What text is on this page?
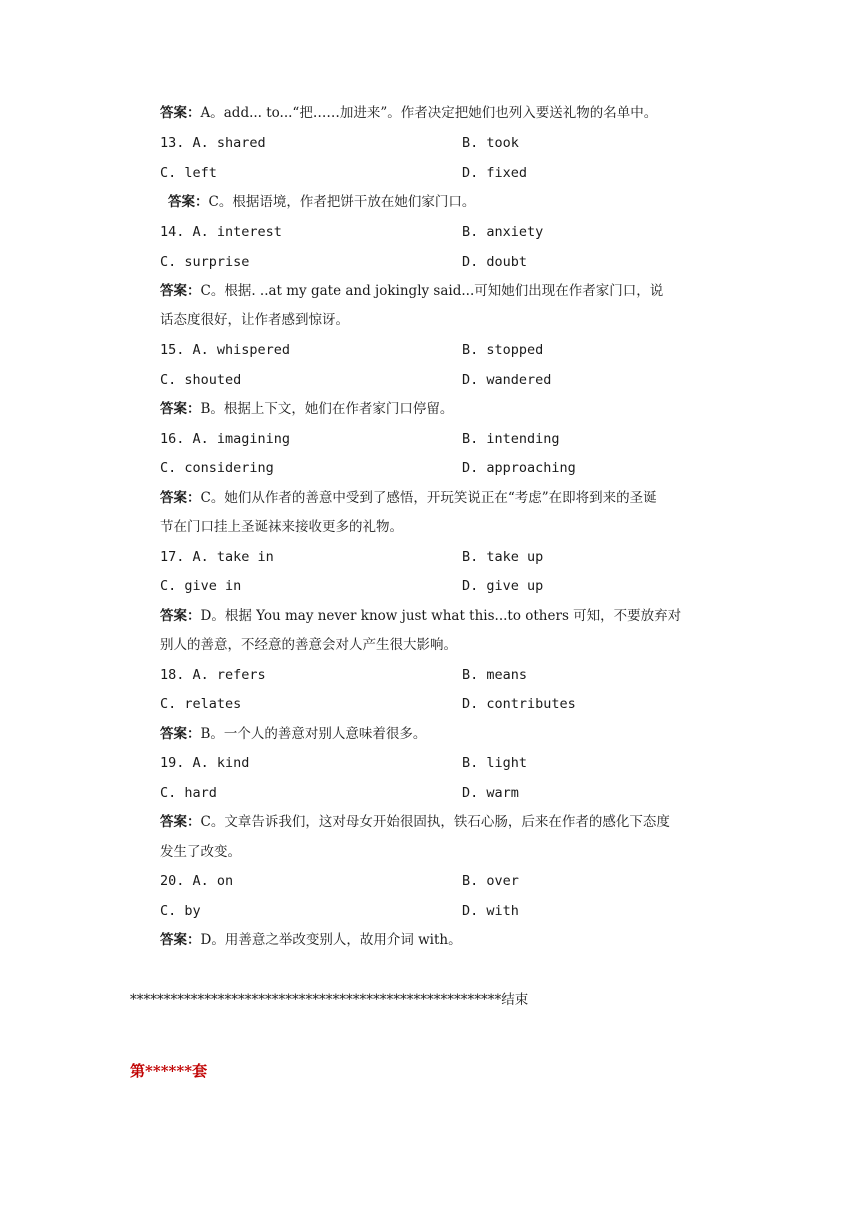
答案：A。add... to...“把……加进来”。作者决定把她们也列入要送礼物的名单中。
13. A. shared	B. took
C. left	D. fixed
答案：C。根据语境，作者把饼干放在她们家门口。
14. A. interest	B. anxiety
C. surprise	D. doubt
答案：C。根据. ..at my gate and jokingly said...可知她们出现在作者家门口，说
话态度很好，让作者感到惊讶。
15. A. whispered	B. stopped
C. shouted	D. wandered
答案：B。根据上下文，她们在作者家门口停留。
16. A. imagining	B. intending
C. considering	D. approaching
答案：C。她们从作者的善意中受到了感悟，开玩笑说正在“考虑”在即将到来的圣诞
节在门口挂上圣诞袜来接收更多的礼物。
17. A. take in	B. take up
C. give in	D. give up
答案：D。根据 You may never know just what this...to others 可知，不要放弃对
别人的善意，不经意的善意会对人产生很大影响。
18. A. refers	B. means
C. relates	D. contributes
答案：B。一个人的善意对别人意味着很多。
19. A. kind	B. light
C. hard	D. warm
答案：C。文章告诉我们，这对母女开始很固执，铁石心肠，后来在作者的感化下态度
发生了改变。
20. A. on	B. over
C. by	D. with
答案：D。用善意之举改变别人，故用介词 with。
*******************************************************结束
第******套
